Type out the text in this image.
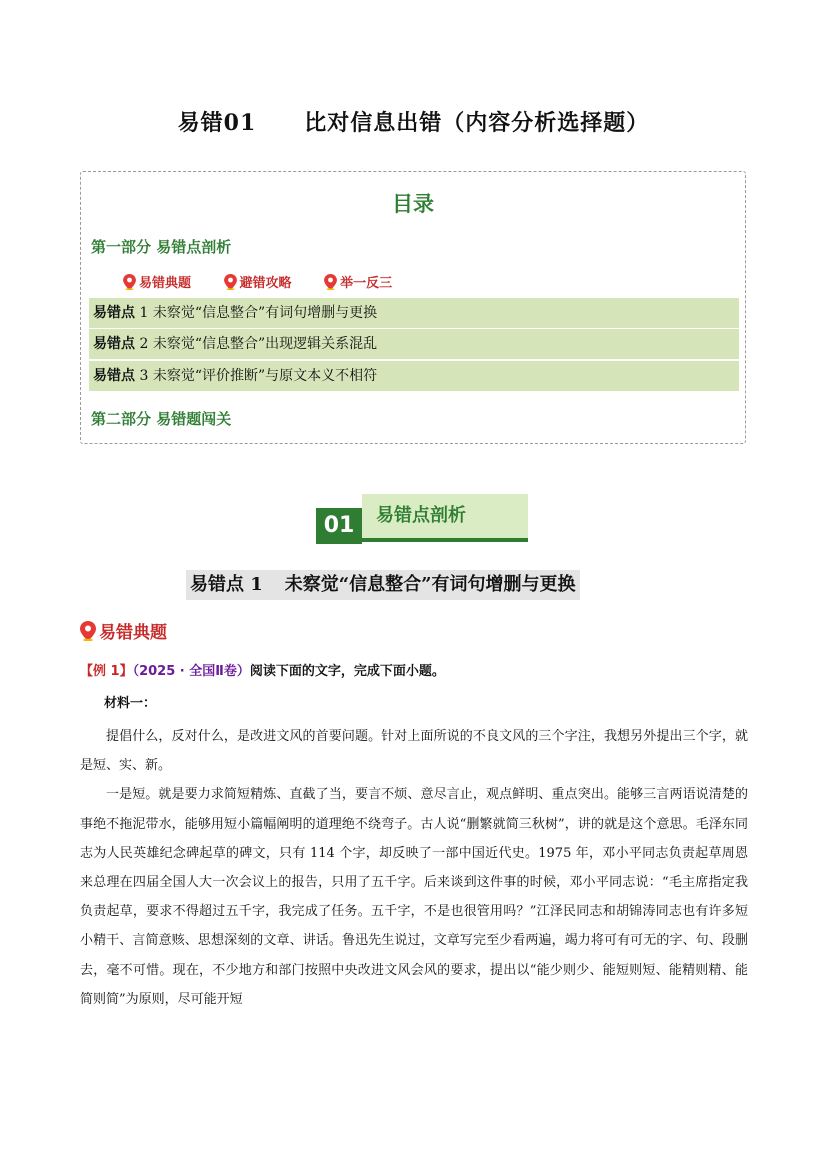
易错01 比对信息出错（内容分析选择题）
目录
第一部分 易错点剖析
易错典题
	避错攻略
	举一反三
易错点 1 未察觉“信息整合”有词句增删与更换
易错点 2 未察觉“信息整合”出现逻辑关系混乱
易错点 3 未察觉“评价推断”与原文本义不相符
第二部分 易错题闯关
01	易错点剖析
易错点 1 未察觉“信息整合”有词句增删与更换
易错典题
【例 1】（2025 · 全国Ⅱ卷）阅读下面的文字，完成下面小题。
材料一：

提倡什么，反对什么，是改进文风的首要问题。针对上面所说的不良文风的三个字注，我想另外提出三个字，就是短、实、新。

一是短。就是要力求简短精炼、直截了当，要言不烦、意尽言止，观点鲜明、重点突出。能够三言两语说清楚的事绝不拖泥带水，能够用短小篇幅阐明的道理绝不绕弯子。古人说“删繁就简三秋树”，讲的就是这个意思。毛泽东同志为人民英雄纪念碑起草的碑文，只有 114 个字，却反映了一部中国近代史。1975 年，邓小平同志负责起草周恩来总理在四届全国人大一次会议上的报告，只用了五千字。后来谈到这件事的时候，邓小平同志说：“毛主席指定我负责起草，要求不得超过五千字，我完成了任务。五千字，不是也很管用吗？”江泽民同志和胡锦涛同志也有许多短小精干、言简意赅、思想深刻的文章、讲话。鲁迅先生说过，文章写完至少看两遍，竭力将可有可无的字、句、段删去，毫不可惜。现在，不少地方和部门按照中央改进文风会风的要求，提出以“能少则少、能短则短、能精则精、能简则简”为原则，尽可能开短
